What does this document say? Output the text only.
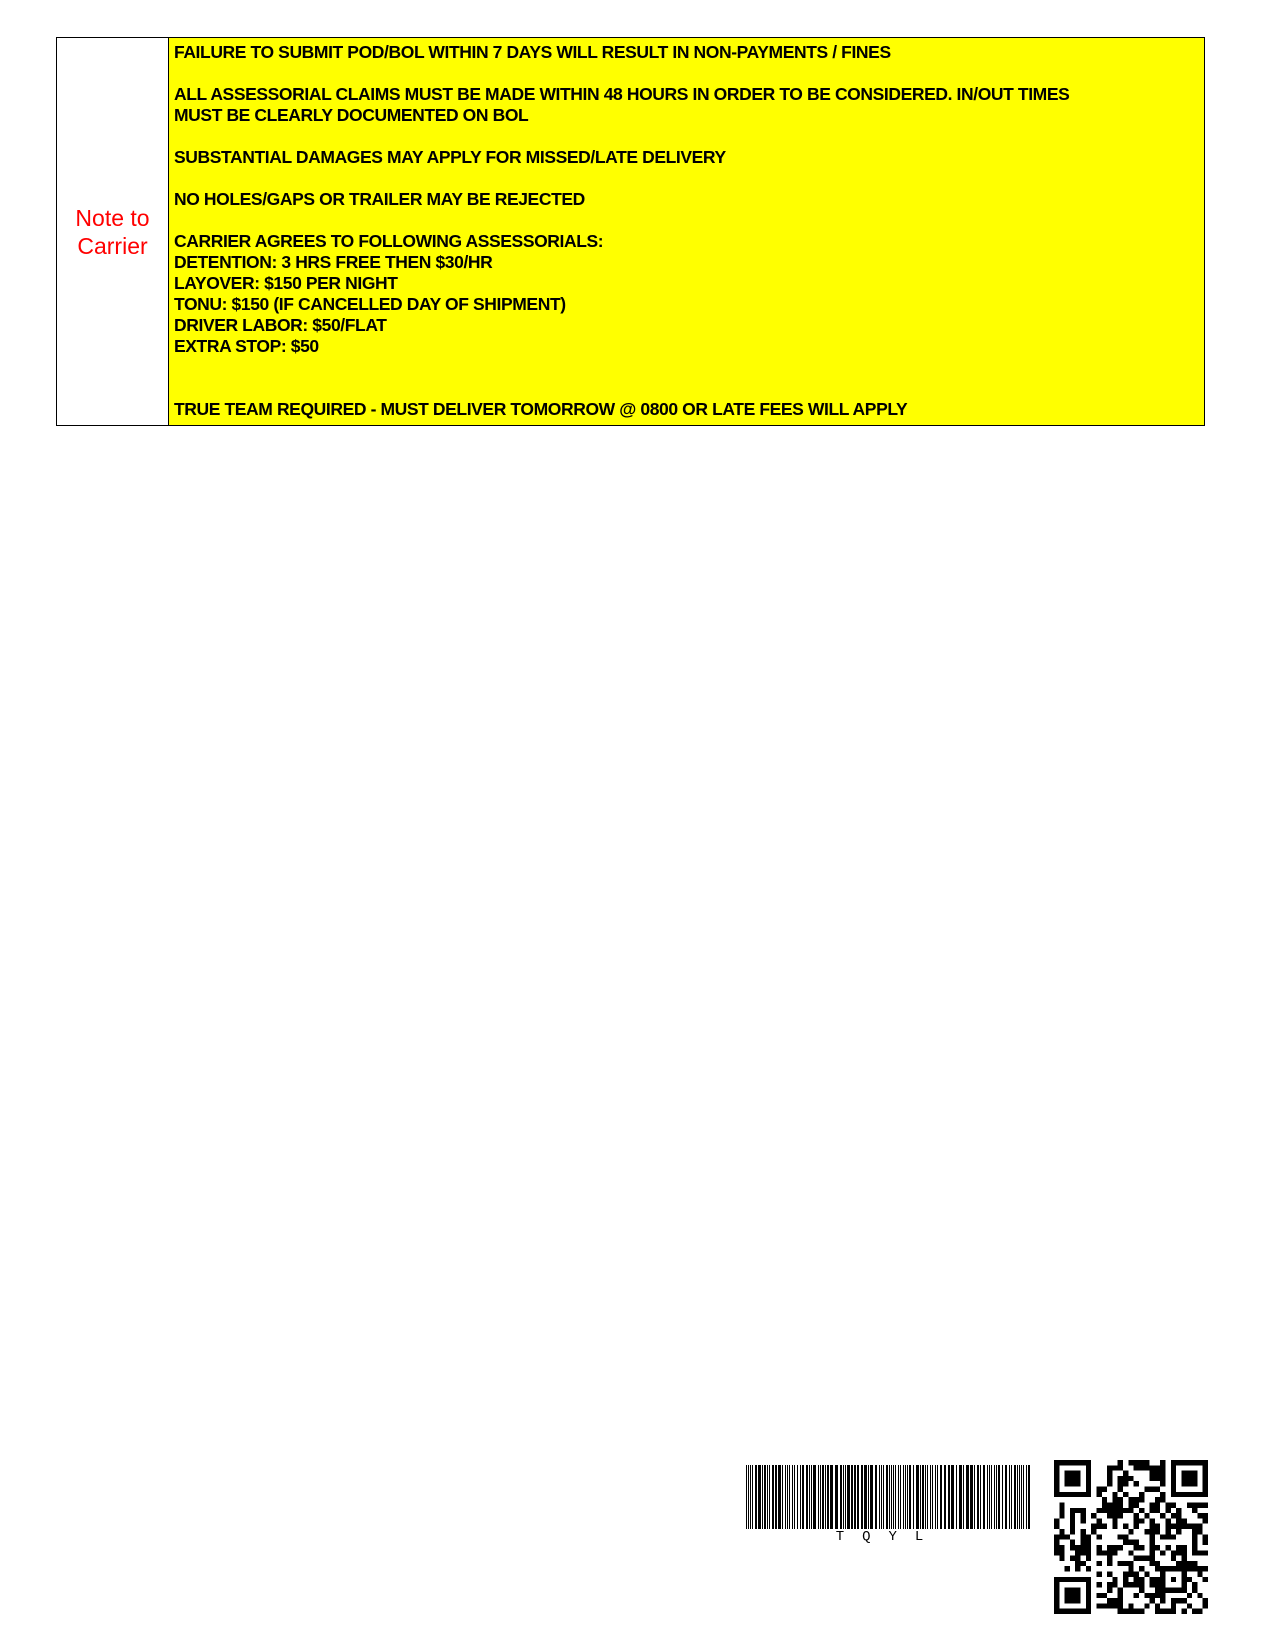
Note to
Carrier
FAILURE TO SUBMIT POD/BOL WITHIN 7 DAYS WILL RESULT IN NON-PAYMENTS / FINES
ALL ASSESSORIAL CLAIMS MUST BE MADE WITHIN 48 HOURS IN ORDER TO BE CONSIDERED. IN/OUT TIMES
MUST BE CLEARLY DOCUMENTED ON BOL
SUBSTANTIAL DAMAGES MAY APPLY FOR MISSED/LATE DELIVERY
NO HOLES/GAPS OR TRAILER MAY BE REJECTED
CARRIER AGREES TO FOLLOWING ASSESSORIALS:
DETENTION: 3 HRS FREE THEN $30/HR
LAYOVER: $150 PER NIGHT
TONU: $150 (IF CANCELLED DAY OF SHIPMENT)
DRIVER LABOR: $50/FLAT
EXTRA STOP: $50
TRUE TEAM REQUIRED - MUST DELIVER TOMORROW @ 0800 OR LATE FEES WILL APPLY
TQYL
